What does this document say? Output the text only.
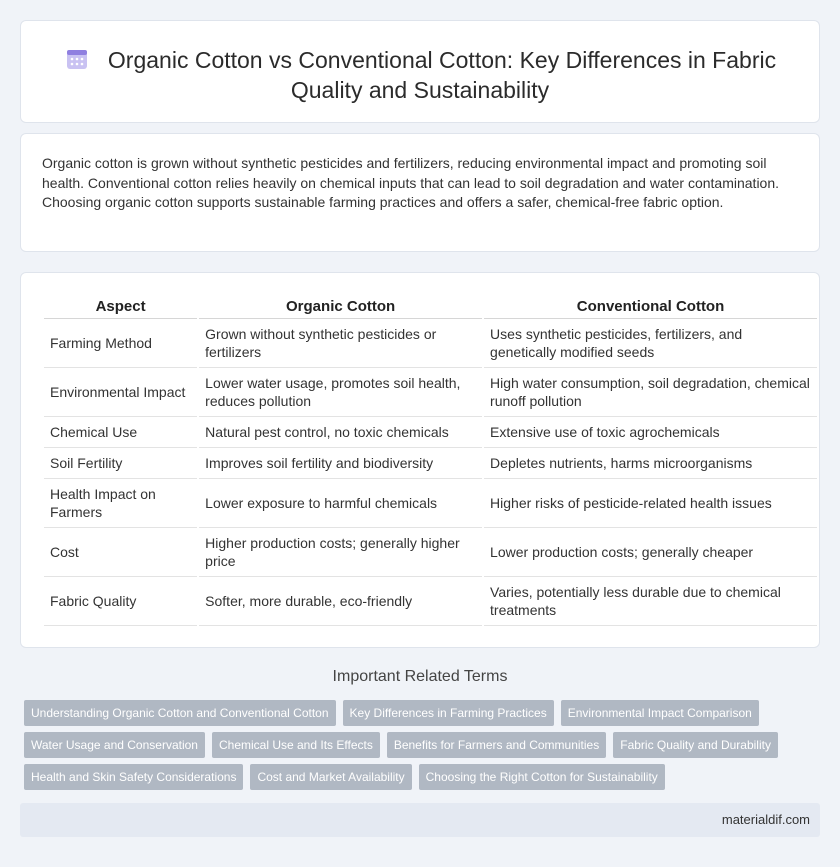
Organic Cotton vs Conventional Cotton: Key Differences in Fabric Quality and Sustainability

Organic cotton is grown without synthetic pesticides and fertilizers, reducing environmental impact and promoting soil health. Conventional cotton relies heavily on chemical inputs that can lead to soil degradation and water contamination. Choosing organic cotton supports sustainable farming practices and offers a safer, chemical-free fabric option.

Aspect	Organic Cotton	Conventional Cotton
Farming Method	Grown without synthetic pesticides or fertilizers	Uses synthetic pesticides, fertilizers, and genetically modified seeds
Environmental Impact	Lower water usage, promotes soil health, reduces pollution	High water consumption, soil degradation, chemical runoff pollution
Chemical Use	Natural pest control, no toxic chemicals	Extensive use of toxic agrochemicals
Soil Fertility	Improves soil fertility and biodiversity	Depletes nutrients, harms microorganisms
Health Impact on Farmers	Lower exposure to harmful chemicals	Higher risks of pesticide-related health issues
Cost	Higher production costs; generally higher price	Lower production costs; generally cheaper
Fabric Quality	Softer, more durable, eco-friendly	Varies, potentially less durable due to chemical treatments
Important Related Terms
Understanding Organic Cotton and Conventional Cotton	Key Differences in Farming Practices	Environmental Impact Comparison
Water Usage and Conservation	Chemical Use and Its Effects	Benefits for Farmers and Communities	Fabric Quality and Durability
Health and Skin Safety Considerations	Cost and Market Availability	Choosing the Right Cotton for Sustainability
materialdif.com
